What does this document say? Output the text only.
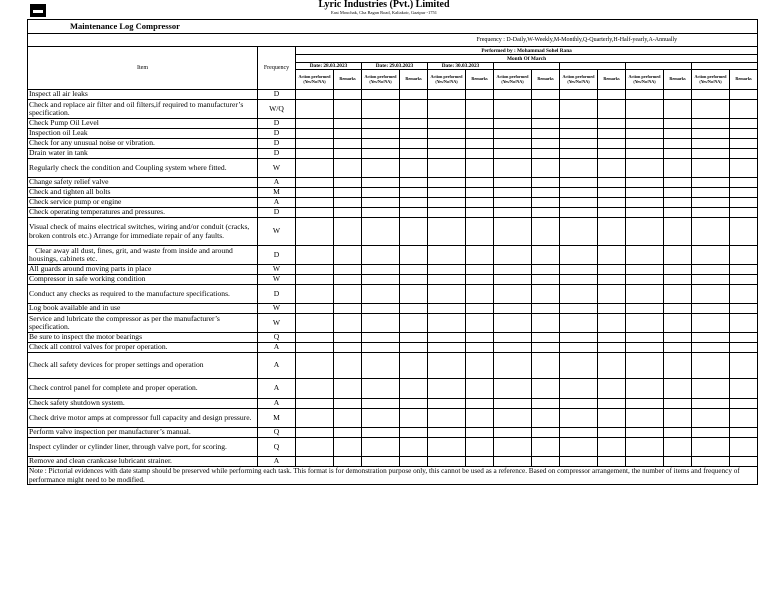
Lyric Industries (Pvt.) Limited
East Mouchak, Cha Bagan Road, Kaliakoir, Gazipur -1751
Maintenance Log Compressor															
Frequency : D-Daily,W-Weekly,M-Monthly,Q-Quarterly,H-Half-yearly,A-Annually															
Item	Frequency	Performed by : Mohammad Sohel Rana													
		Month Of March													
		Date: 28.03.2023		Date: 29.03.2023		Date: 30.03.2023									
		Action performed (Yes/No/NA)	Remarks	Action performed (Yes/No/NA)	Remarks	Action performed (Yes/No/NA)	Remarks	Action performed (Yes/No/NA)	Remarks	Action performed (Yes/No/NA)	Remarks	Action performed (Yes/No/NA)	Remarks	Action performed (Yes/No/NA)	Remarks
Inspect all air leaks	D														
Check and replace air filter and oil filters,if required to manufacturer’s specification.	W/Q														
Check Pump Oil Level	D														
Inspection oil Leak	D														
Check for any unusual noise or vibration.	D														
Drain water in tank	D														
Regularly check the condition and Coupling system where fitted.	W														
Change safety relief valve	A														
Check and tighten all bolts	M														
Check service pump or engine	A														
Check operating temperatures and pressures.	D														
Visual check of mains electrical switches, wiring and/or conduit (cracks, broken controls etc.) Arrange for immediate repair of any faults.	W														
Clear away all dust, fines, grit, and waste from inside and around housings, cabinets etc.	D														
All guards around moving parts in place	W														
Compressor in safe working condition	W														
Conduct any checks as required to the manufacture specifications.	D														
Log book available and in use	W														
Service and lubricate the compressor as per the manufacturer’s specification.	W														
Be sure to inspect the motor bearings	Q														
Check all control valves for proper operation.	A														
Check all safety devices for proper settings and operation	A														
Check control panel for complete and proper operation.	A														
Check safety shutdown system.	A														
Check drive motor amps at compressor full capacity and design pressure.	M														
Perform valve inspection per manufacturer’s manual.	Q														
Inspect cylinder or cylinder liner, through valve port, for scoring.	Q														
Remove and clean crankcase lubricant strainer.	A														
Note : Pictorial evidences with date stamp should be preserved while performing each task. This format is for demonstration purpose only, this cannot be used as a reference. Based on compressor arrangement, the number of items and frequency of performance might need to be modified.															
